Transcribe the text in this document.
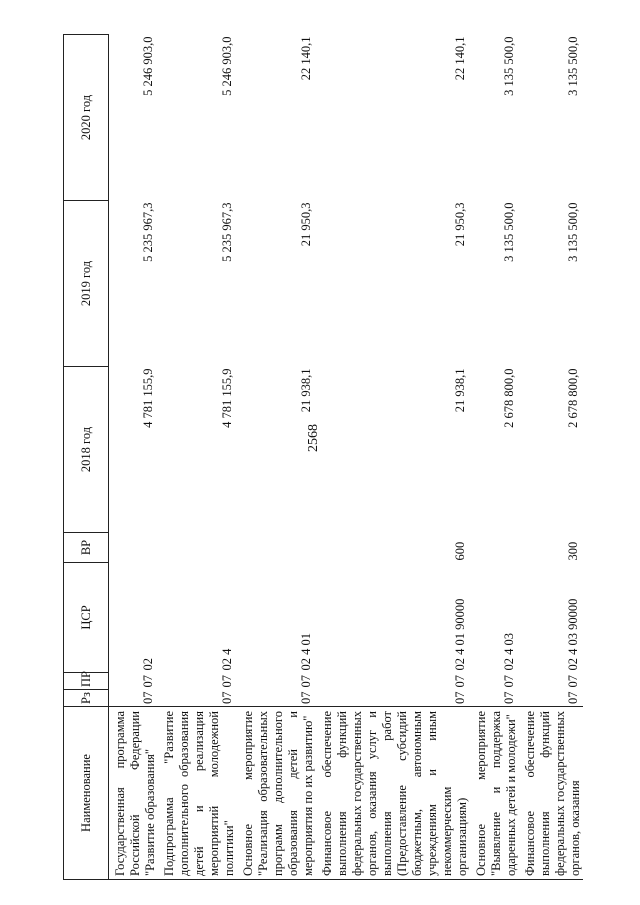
2568
Наименование	Рз	ПР	ЦСР	ВР	2018 год	2019 год	2020 год
Государственная программа Российской Федерации "Развитие образования"	07	07	02		4 781 155,9	5 235 967,3	5 246 903,0
Подпрограмма "Развитие дополнительного образования детей и реализация мероприятий молодежной политики"	07	07	02 4		4 781 155,9	5 235 967,3	5 246 903,0
Основное мероприятие "Реализация образовательных программ дополнительного образования детей и мероприятия по их развитию"	07	07	02 4 01		21 938,1	21 950,3	22 140,1
Финансовое обеспечение выполнения функций федеральных государственных органов, оказания услуг и выполнения работ (Предоставление субсидий бюджетным, автономным учреждениям и иным некоммерческим организациям)	07	07	02 4 01 90000	600	21 938,1	21 950,3	22 140,1
Основное мероприятие "Выявление и поддержка одаренных детей и молодежи"	07	07	02 4 03		2 678 800,0	3 135 500,0	3 135 500,0
Финансовое обеспечение выполнения функций федеральных государственных органов, оказания	07	07	02 4 03 90000	300	2 678 800,0	3 135 500,0	3 135 500,0
